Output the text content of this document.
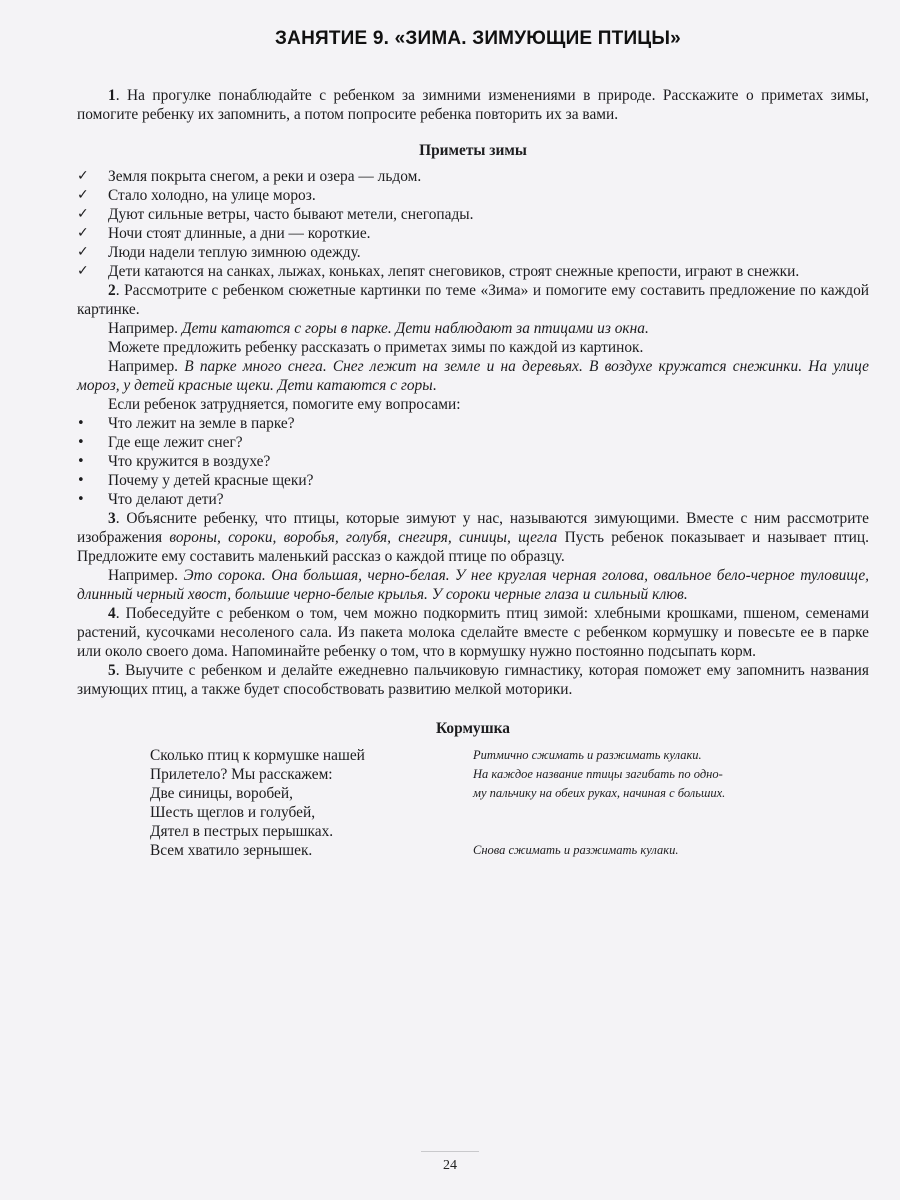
ЗАНЯТИЕ 9. «ЗИМА. ЗИМУЮЩИЕ ПТИЦЫ»

1. На прогулке понаблюдайте с ребенком за зимними изменениями в природе. Расскажите о приметах зимы, помогите ребенку их запомнить, а потом попросите ребенка повторить их за вами.

Приметы зимы
✓ Земля покрыта снегом, а реки и озера — льдом.
✓ Стало холодно, на улице мороз.
✓ Дуют сильные ветры, часто бывают метели, снегопады.
✓ Ночи стоят длинные, а дни — короткие.
✓ Люди надели теплую зимнюю одежду.
✓ Дети катаются на санках, лыжах, коньках, лепят снеговиков, строят снежные крепости, играют в снежки.

2. Рассмотрите с ребенком сюжетные картинки по теме «Зима» и помогите ему составить предложение по каждой картинке.

Например. Дети катаются с горы в парке. Дети наблюдают за птицами из окна.

Можете предложить ребенку рассказать о приметах зимы по каждой из картинок.

Например. В парке много снега. Снег лежит на земле и на деревьях. В воздухе кружатся снежинки. На улице мороз, у детей красные щеки. Дети катаются с горы.

Если ребенок затрудняется, помогите ему вопросами:

• Что лежит на земле в парке?
• Где еще лежит снег?
• Что кружится в воздухе?
• Почему у детей красные щеки?
• Что делают дети?

3. Объясните ребенку, что птицы, которые зимуют у нас, называются зимующими. Вместе с ним рассмотрите изображения вороны, сороки, воробья, голубя, снегиря, синицы, щегла Пусть ребенок показывает и называет птиц. Предложите ему составить маленький рассказ о каждой птице по образцу.

Например. Это сорока. Она большая, черно-белая. У нее круглая черная голова, овальное бело-черное туловище, длинный черный хвост, большие черно-белые крылья. У сороки черные глаза и сильный клюв.

4. Побеседуйте с ребенком о том, чем можно подкормить птиц зимой: хлебными крошками, пшеном, семенами растений, кусочками несоленого сала. Из пакета молока сделайте вместе с ребенком кормушку и повесьте ее в парке или около своего дома. Напоминайте ребенку о том, что в кормушку нужно постоянно подсыпать корм.

5. Выучите с ребенком и делайте ежедневно пальчиковую гимнастику, которая поможет ему запомнить названия зимующих птиц, а также будет способствовать развитию мелкой моторики.

Кормушка
Сколько птиц к кормушке нашей
Прилетело? Мы расскажем:
Две синицы, воробей,
Шесть щеглов и голубей,
Дятел в пестрых перышках.
Всем хватило зернышек.
Ритмично сжимать и разжимать кулаки.
На каждое название птицы загибать по одно-
му пальчику на обеих руках, начиная с больших.

Снова сжимать и разжимать кулаки.
24
